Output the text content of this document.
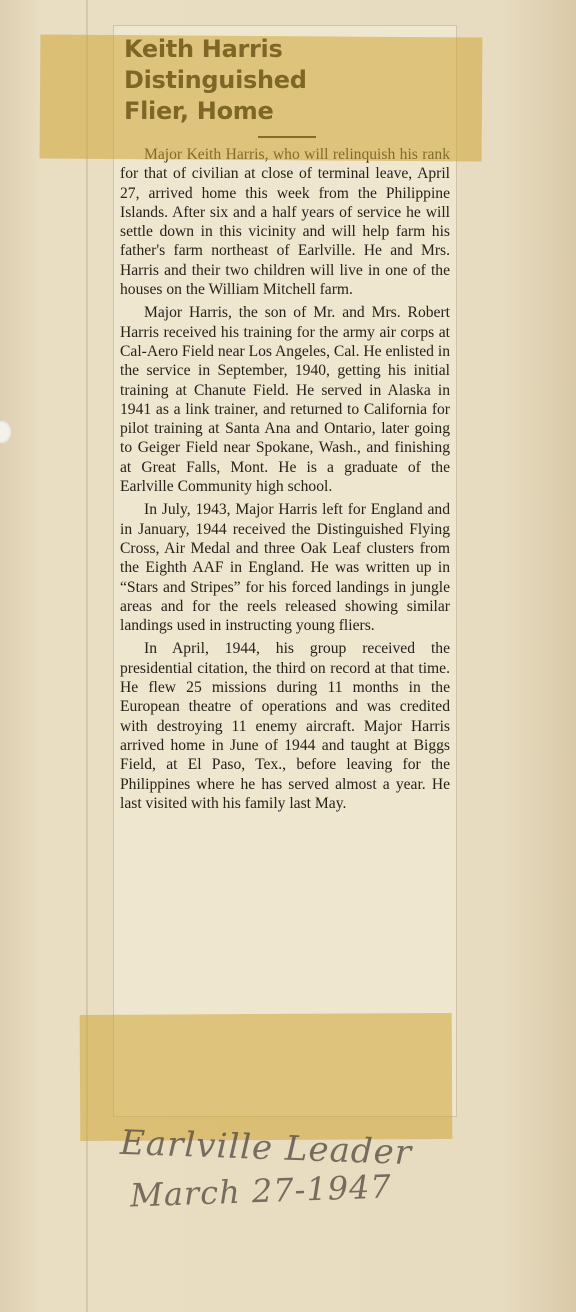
for that of civilian at close of terminal leave, April 27, arrived home this week from the Philippine Islands. After six and a half years of service he will settle down in this vicinity and will help farm his father's farm northeast of Earlville. He and Mrs. Harris and their two children will live in one of the houses on the William Mitchell farm.

Major Harris, the son of Mr. and Mrs. Robert Harris received his training for the army air corps at Cal-Aero Field near Los Angeles, Cal. He enlisted in the service in September, 1940, getting his initial training at Chanute Field. He served in Alaska in 1941 as a link trainer, and returned to California for pilot training at Santa Ana and Ontario, later going to Geiger Field near Spokane, Wash., and finishing at Great Falls, Mont. He is a graduate of the Earlville Community high school.

In July, 1943, Major Harris left for England and in January, 1944 received the Distinguished Flying Cross, Air Medal and three Oak Leaf clusters from the Eighth AAF in England. He was written up in “Stars and Stripes” for his forced landings in jungle areas and for the reels released showing similar landings used in instructing young fliers.

In April, 1944, his group received the presidential citation, the third on record at that time. He flew 25 missions during 11 months in the European theatre of operations and was credited with destroying 11 enemy aircraft. Major Harris arrived home in June of 1944 and taught at Biggs Field, at El Paso, Tex., before leaving for the Philippines where he has served almost a year. He last visited with his family last May.

Earlville Leader
March 27-1947
